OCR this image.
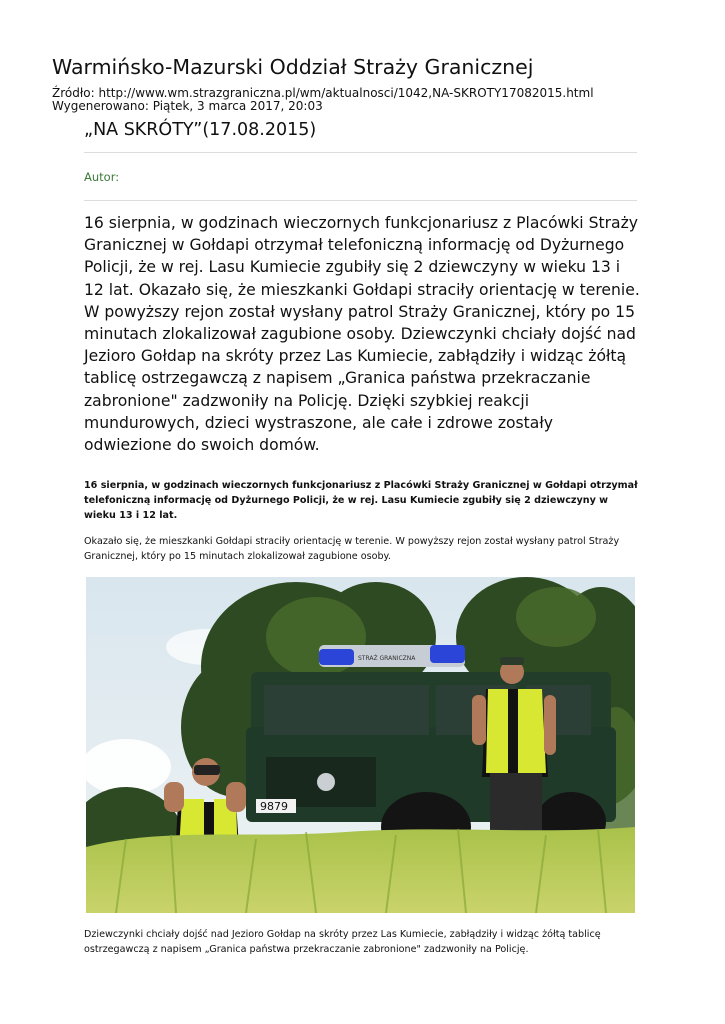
Warmińsko-Mazurski Oddział Straży Granicznej
Źródło: http://www.wm.strazgraniczna.pl/wm/aktualnosci/1042,NA-SKROTY17082015.html
Wygenerowano: Piątek, 3 marca 2017, 20:03
„NA SKRÓTY”(17.08.2015)
Autor:

16 sierpnia, w godzinach wieczornych funkcjonariusz z Placówki Straży Granicznej w Gołdapi otrzymał telefoniczną informację od Dyżurnego Policji, że w rej. Lasu Kumiecie zgubiły się 2 dziewczyny w wieku 13 i 12 lat. Okazało się, że mieszkanki Gołdapi straciły orientację w terenie. W powyższy rejon został wysłany patrol Straży Granicznej, który po 15 minutach zlokalizował zagubione osoby. Dziewczynki chciały dojść nad Jezioro Gołdap na skróty przez Las Kumiecie, zabłądziły i widząc żółtą tablicę ostrzegawczą z napisem „Granica państwa przekraczanie zabronione" zadzwoniły na Policję. Dzięki szybkiej reakcji mundurowych, dzieci wystraszone, ale całe i zdrowe zostały odwiezione do swoich domów.

16 sierpnia, w godzinach wieczornych funkcjonariusz z Placówki Straży Granicznej w Gołdapi otrzymał telefoniczną informację od Dyżurnego Policji, że w rej. Lasu Kumiecie zgubiły się 2 dziewczyny w wieku 13 i 12 lat.

Okazało się, że mieszkanki Gołdapi straciły orientację w terenie. W powyższy rejon został wysłany patrol Straży Granicznej, który po 15 minutach zlokalizował zagubione osoby.

9879
STRAŻ GRANICZNA

Dziewczynki chciały dojść nad Jezioro Gołdap na skróty przez Las Kumiecie, zabłądziły i widząc żółtą tablicę ostrzegawczą z napisem „Granica państwa przekraczanie zabronione" zadzwoniły na Policję.
